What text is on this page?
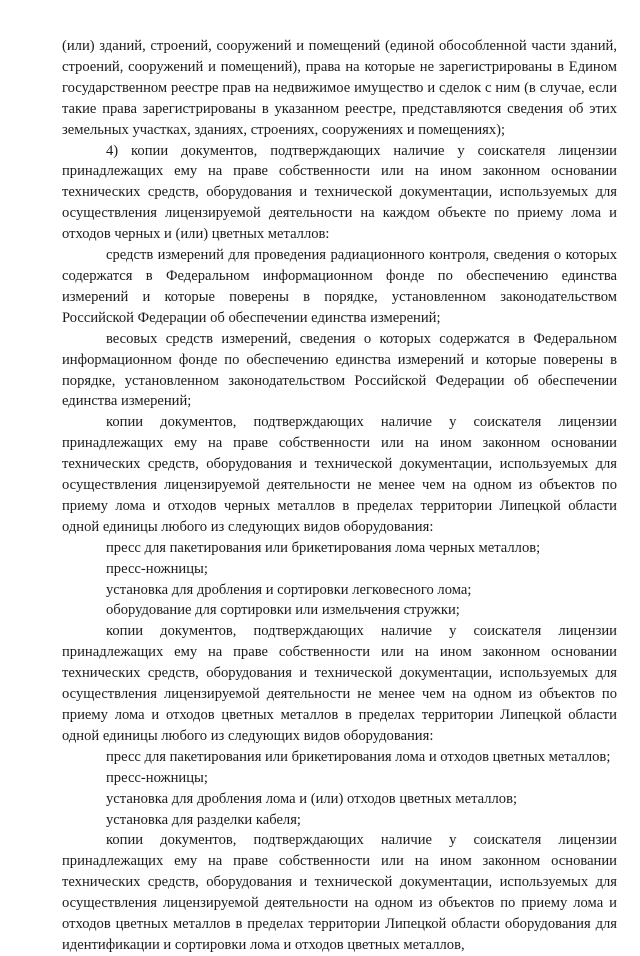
(или) зданий, строений, сооружений и помещений (единой обособленной части зданий, строений, сооружений и помещений), права на которые не зарегистрированы в Едином государственном реестре прав на недвижимое имущество и сделок с ним (в случае, если такие права зарегистрированы в указанном реестре, представляются сведения об этих земельных участках, зданиях, строениях, сооружениях и помещениях);

4) копии документов, подтверждающих наличие у соискателя лицензии принадлежащих ему на праве собственности или на ином законном основании технических средств, оборудования и технической документации, используемых для осуществления лицензируемой деятельности на каждом объекте по приему лома и отходов черных и (или) цветных металлов:

средств измерений для проведения радиационного контроля, сведения о которых содержатся в Федеральном информационном фонде по обеспечению единства измерений и которые поверены в порядке, установленном законодательством Российской Федерации об обеспечении единства измерений;

весовых средств измерений, сведения о которых содержатся в Федеральном информационном фонде по обеспечению единства измерений и которые поверены в порядке, установленном законодательством Российской Федерации об обеспечении единства измерений;

копии документов, подтверждающих наличие у соискателя лицензии принадлежащих ему на праве собственности или на ином законном основании технических средств, оборудования и технической документации, используемых для осуществления лицензируемой деятельности не менее чем на одном из объектов по приему лома и отходов черных металлов в пределах территории Липецкой области одной единицы любого из следующих видов оборудования:

пресс для пакетирования или брикетирования лома черных металлов;

пресс-ножницы;

установка для дробления и сортировки легковесного лома;

оборудование для сортировки или измельчения стружки;

копии документов, подтверждающих наличие у соискателя лицензии принадлежащих ему на праве собственности или на ином законном основании технических средств, оборудования и технической документации, используемых для осуществления лицензируемой деятельности не менее чем на одном из объектов по приему лома и отходов цветных металлов в пределах территории Липецкой области одной единицы любого из следующих видов оборудования:

пресс для пакетирования или брикетирования лома и отходов цветных металлов;

пресс-ножницы;

установка для дробления лома и (или) отходов цветных металлов;

установка для разделки кабеля;

копии документов, подтверждающих наличие у соискателя лицензии принадлежащих ему на праве собственности или на ином законном основании технических средств, оборудования и технической документации, используемых для осуществления лицензируемой деятельности на одном из объектов по приему лома и отходов цветных металлов в пределах территории Липецкой области оборудования для идентификации и сортировки лома и отходов цветных металлов,
